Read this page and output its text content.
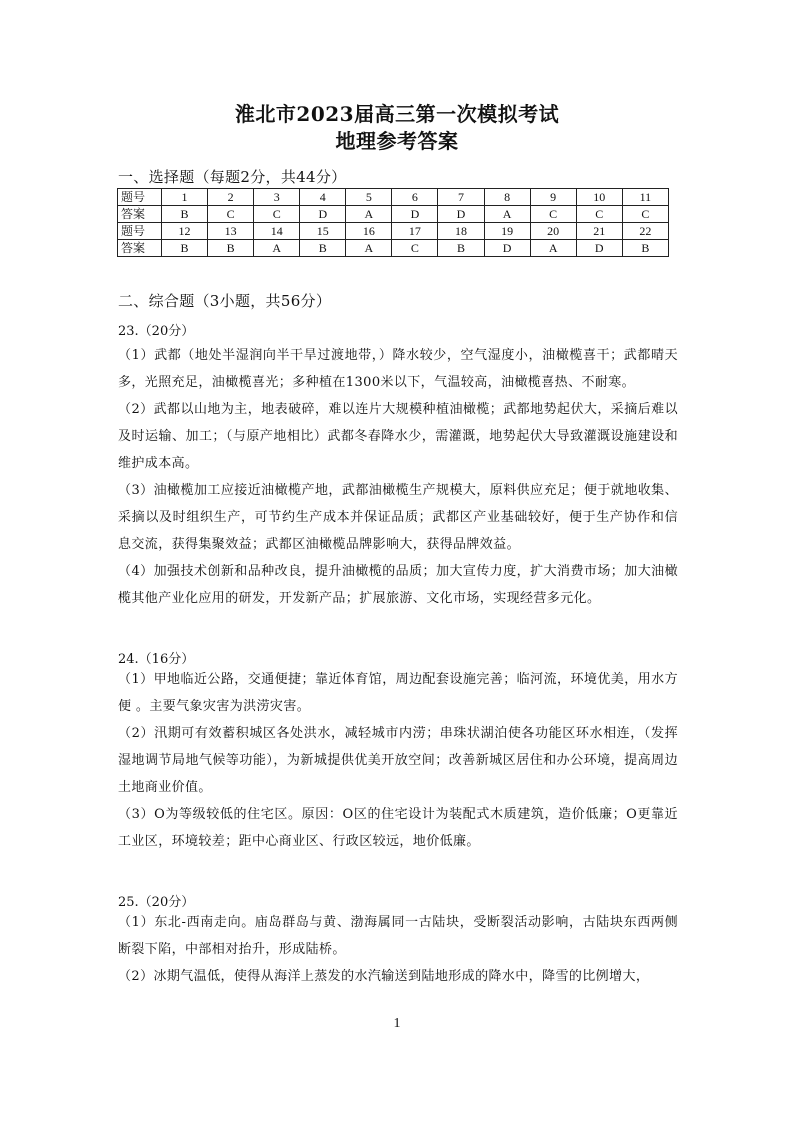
淮北市2023届高三第一次模拟考试
地理参考答案
一、选择题（每题2分，共44分）
题号	1	2	3	4	5	6	7	8	9	10	11
答案	B	C	C	D	A	D	D	A	C	C	C
题号	12	13	14	15	16	17	18	19	20	21	22
答案	B	B	A	B	A	C	B	D	A	D	B
二、综合题（3小题，共56分）
23.（20分）
（1）武都（地处半湿润向半干旱过渡地带，）降水较少，空气湿度小，油橄榄喜干；武都晴天多，光照充足，油橄榄喜光；多种植在1300米以下，气温较高，油橄榄喜热、不耐寒。
（2）武都以山地为主，地表破碎，难以连片大规模种植油橄榄；武都地势起伏大，采摘后难以及时运输、加工；（与原产地相比）武都冬春降水少，需灌溉，地势起伏大导致灌溉设施建设和维护成本高。
（3）油橄榄加工应接近油橄榄产地，武都油橄榄生产规模大，原料供应充足；便于就地收集、采摘以及时组织生产，可节约生产成本并保证品质；武都区产业基础较好，便于生产协作和信息交流，获得集聚效益；武都区油橄榄品牌影响大，获得品牌效益。
（4）加强技术创新和品种改良，提升油橄榄的品质；加大宣传力度，扩大消费市场；加大油橄榄其他产业化应用的研发，开发新产品；扩展旅游、文化市场，实现经营多元化。
24.（16分）
（1）甲地临近公路，交通便捷；靠近体育馆，周边配套设施完善；临河流，环境优美，用水方便 。主要气象灾害为洪涝灾害。
（2）汛期可有效蓄积城区各处洪水，减轻城市内涝；串珠状湖泊使各功能区环水相连，（发挥湿地调节局地气候等功能），为新城提供优美开放空间；改善新城区居住和办公环境，提高周边土地商业价值。
（3）O为等级较低的住宅区。原因：O区的住宅设计为装配式木质建筑，造价低廉；O更靠近工业区，环境较差；距中心商业区、行政区较远，地价低廉。
25.（20分）
（1）东北-西南走向。庙岛群岛与黄、渤海属同一古陆块，受断裂活动影响，古陆块东西两侧断裂下陷，中部相对抬升，形成陆桥。
（2）冰期气温低，使得从海洋上蒸发的水汽输送到陆地形成的降水中，降雪的比例增大，
1
